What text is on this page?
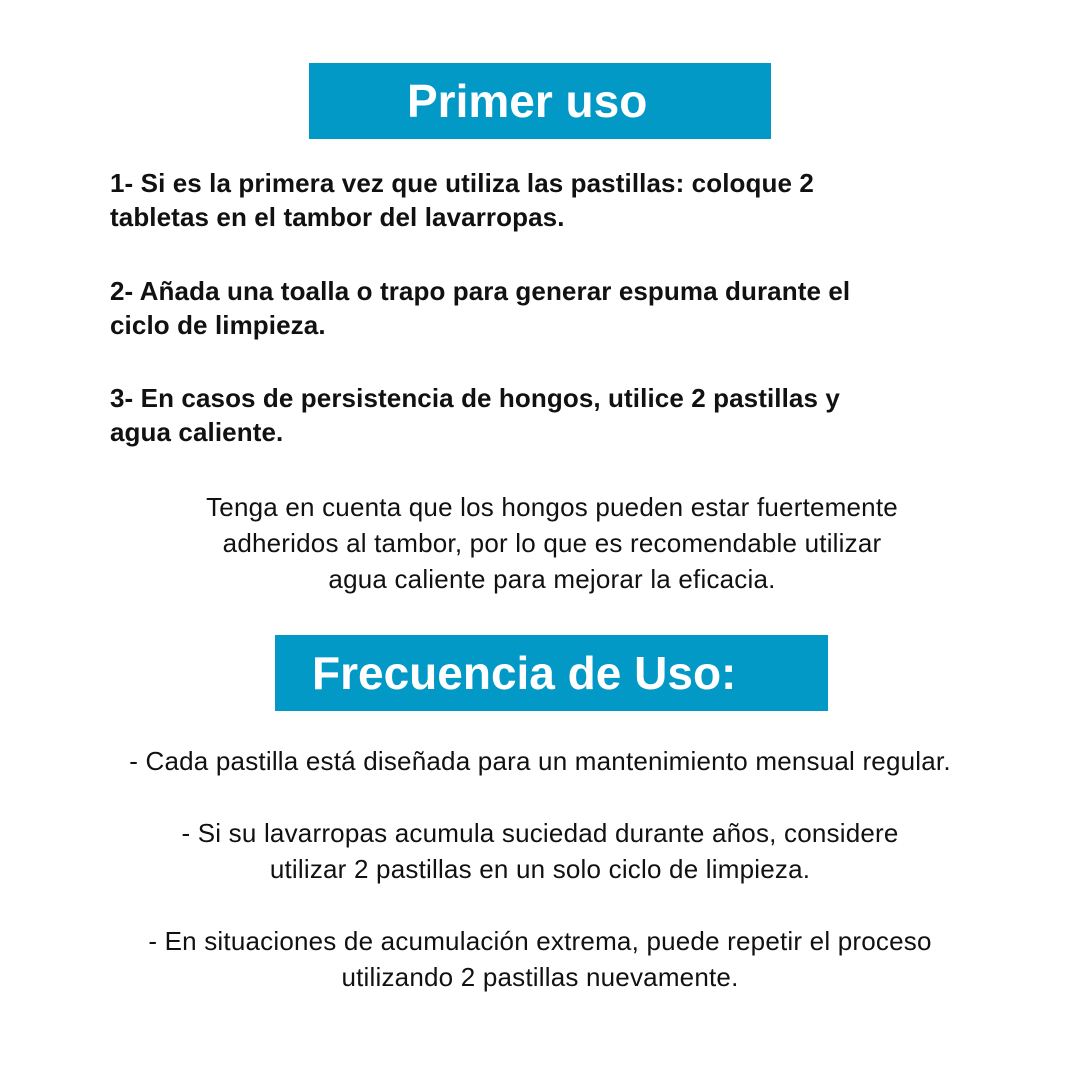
Primer uso
1- Si es la primera vez que utiliza las pastillas: coloque 2
tabletas en el tambor del lavarropas.
2- Añada una toalla o trapo para generar espuma durante el
ciclo de limpieza.
3- En casos de persistencia de hongos, utilice 2 pastillas y
agua caliente.
Tenga en cuenta que los hongos pueden estar fuertemente
adheridos al tambor, por lo que es recomendable utilizar
agua caliente para mejorar la eficacia.
Frecuencia de Uso:
- Cada pastilla está diseñada para un mantenimiento mensual regular.
- Si su lavarropas acumula suciedad durante años, considere
utilizar 2 pastillas en un solo ciclo de limpieza.
- En situaciones de acumulación extrema, puede repetir el proceso
utilizando 2 pastillas nuevamente.
